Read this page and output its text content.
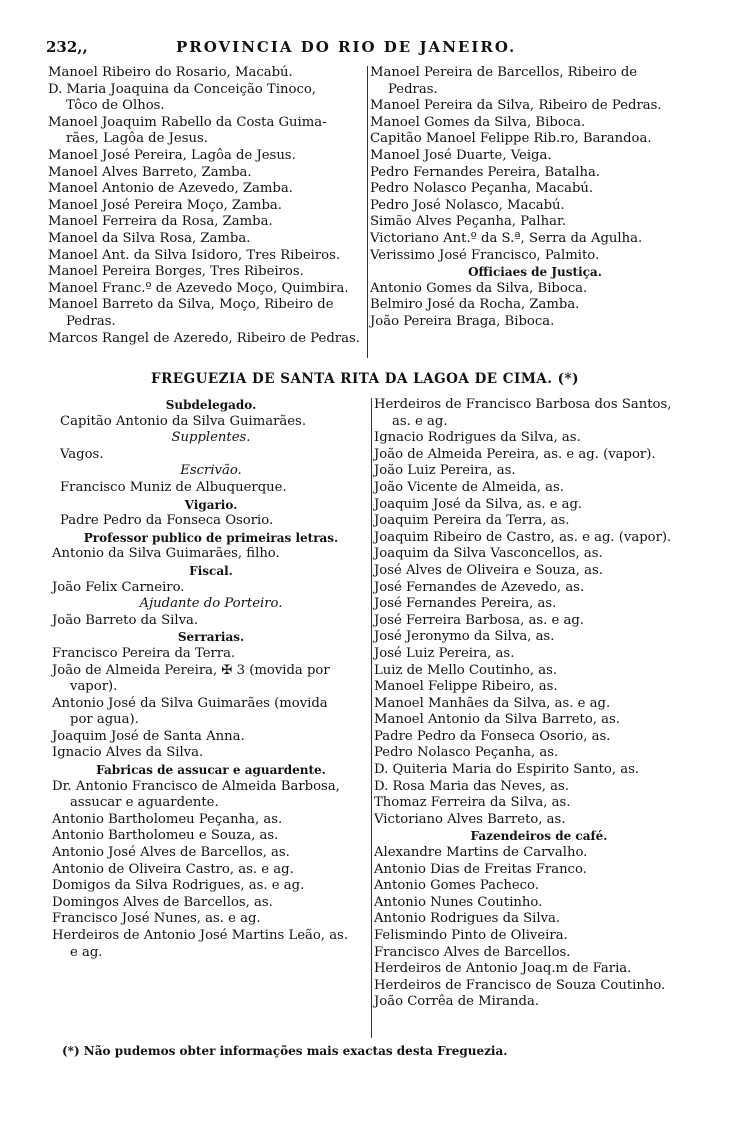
232,,	PROVINCIA DO RIO DE JANEIRO.
Manoel Ribeiro do Rosario, Macabú.
D. Maria Joaquina da Conceição Tinoco,
Tôco de Olhos.
Manoel Joaquim Rabello da Costa Guima-
rães, Lagôa de Jesus.
Manoel José Pereira, Lagôa de Jesus.
Manoel Alves Barreto, Zamba.
Manoel Antonio de Azevedo, Zamba.
Manoel José Pereira Moço, Zamba.
Manoel Ferreira da Rosa, Zamba.
Manoel da Silva Rosa, Zamba.
Manoel Ant. da Silva Isidoro, Tres Ribeiros.
Manoel Pereira Borges, Tres Ribeiros.
Manoel Franc.º de Azevedo Moço, Quimbira.
Manoel Barreto da Silva, Moço, Ribeiro de
Pedras.
Marcos Rangel de Azeredo, Ribeiro de Pedras.
Manoel Pereira de Barcellos, Ribeiro de
Pedras.
Manoel Pereira da Silva, Ribeiro de Pedras.
Manoel Gomes da Silva, Biboca.
Capitão Manoel Felippe Rib.ro, Barandoa.
Manoel José Duarte, Veiga.
Pedro Fernandes Pereira, Batalha.
Pedro Nolasco Peçanha, Macabú.
Pedro José Nolasco, Macabú.
Simão Alves Peçanha, Palhar.
Victoriano Ant.º da S.ª, Serra da Agulha.
Verissimo José Francisco, Palmito.
Officiaes de Justiça.
Antonio Gomes da Silva, Biboca.
Belmiro José da Rocha, Zamba.
João Pereira Braga, Biboca.
FREGUEZIA DE SANTA RITA DA LAGOA DE CIMA. (*)
Subdelegado.
Capitão Antonio da Silva Guimarães.
Supplentes.
Vagos.
Escrivão.
Francisco Muniz de Albuquerque.
Vigario.
Padre Pedro da Fonseca Osorio.
Professor publico de primeiras letras.
Antonio da Silva Guimarães, filho.
Fiscal.
João Felix Carneiro.
Ajudante do Porteiro.
João Barreto da Silva.
Serrarias.
Francisco Pereira da Terra.
João de Almeida Pereira, ✠ 3 (movida por
vapor).
Antonio José da Silva Guimarães (movida
por agua).
Joaquim José de Santa Anna.
Ignacio Alves da Silva.
Fabricas de assucar e aguardente.
Dr. Antonio Francisco de Almeida Barbosa,
assucar e aguardente.
Antonio Bartholomeu Peçanha, as.
Antonio Bartholomeu e Souza, as.
Antonio José Alves de Barcellos, as.
Antonio de Oliveira Castro, as. e ag.
Domigos da Silva Rodrigues, as. e ag.
Domingos Alves de Barcellos, as.
Francisco José Nunes, as. e ag.
Herdeiros de Antonio José Martins Leão, as.
e ag.
Herdeiros de Francisco Barbosa dos Santos,
as. e ag.
Ignacio Rodrigues da Silva, as.
João de Almeida Pereira, as. e ag. (vapor).
João Luiz Pereira, as.
João Vicente de Almeida, as.
Joaquim José da Silva, as. e ag.
Joaquim Pereira da Terra, as.
Joaquim Ribeiro de Castro, as. e ag. (vapor).
Joaquim da Silva Vasconcellos, as.
José Alves de Oliveira e Souza, as.
José Fernandes de Azevedo, as.
José Fernandes Pereira, as.
José Ferreira Barbosa, as. e ag.
José Jeronymo da Silva, as.
José Luiz Pereira, as.
Luiz de Mello Coutinho, as.
Manoel Felippe Ribeiro, as.
Manoel Manhães da Silva, as. e ag.
Manoel Antonio da Silva Barreto, as.
Padre Pedro da Fonseca Osorio, as.
Pedro Nolasco Peçanha, as.
D. Quiteria Maria do Espirito Santo, as.
D. Rosa Maria das Neves, as.
Thomaz Ferreira da Silva, as.
Victoriano Alves Barreto, as.
Fazendeiros de café.
Alexandre Martins de Carvalho.
Antonio Dias de Freitas Franco.
Antonio Gomes Pacheco.
Antonio Nunes Coutinho.
Antonio Rodrigues da Silva.
Felismindo Pinto de Oliveira.
Francisco Alves de Barcellos.
Herdeiros de Antonio Joaq.m de Faria.
Herdeiros de Francisco de Souza Coutinho.
João Corrêa de Miranda.
(*) Não pudemos obter informações mais exactas desta Freguezia.
